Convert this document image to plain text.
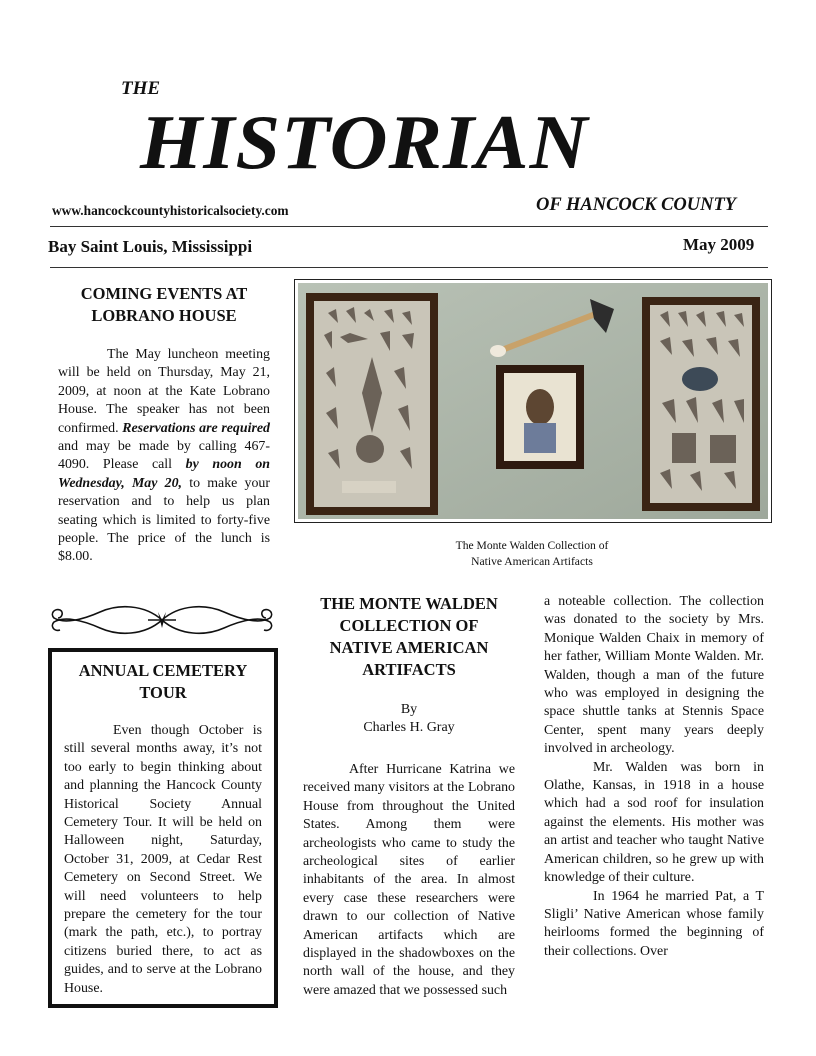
THE
HISTORIAN
www.hancockcountyhistoricalsociety.com	OF HANCOCK COUNTY
Bay Saint Louis, Mississippi	May 2009

COMING EVENTS AT
LOBRANO HOUSE

The May luncheon meeting will be held on Thursday, May 21, 2009, at noon at the Kate Lobrano House. The speaker has not been confirmed. Reservations are required and may be made by calling 467-4090. Please call by noon on Wednesday, May 20, to make your reservation and to help us plan seating which is limited to forty-five people. The price of the lunch is $8.00.

The Monte Walden Collection of
Native American Artifacts

ANNUAL CEMETERY
TOUR

Even though October is still several months away, it’s not too early to begin thinking about and planning the Hancock County Historical Society Annual Cemetery Tour. It will be held on Halloween night, Saturday, October 31, 2009, at Cedar Rest Cemetery on Second Street. We will need volunteers to help prepare the cemetery for the tour (mark the path, etc.), to portray citizens buried there, to act as guides, and to serve at the Lobrano House.

THE MONTE WALDEN
COLLECTION OF
NATIVE AMERICAN
ARTIFACTS

By

Charles H. Gray

After Hurricane Katrina we received many visitors at the Lobrano House from throughout the United States. Among them were archeologists who came to study the archeological sites of earlier inhabitants of the area. In almost every case these researchers were drawn to our collection of Native American artifacts which are displayed in the shadowboxes on the north wall of the house, and they were amazed that we possessed such

a noteable collection. The collection was donated to the society by Mrs. Monique Walden Chaix in memory of her father, William Monte Walden. Mr. Walden, though a man of the future who was employed in designing the space shuttle tanks at Stennis Space Center, spent many years deeply involved in archeology.

Mr. Walden was born in Olathe, Kansas, in 1918 in a house which had a sod roof for insulation against the elements. His mother was an artist and teacher who taught Native American children, so he grew up with knowledge of their culture.

In 1964 he married Pat, a T Sligli’ Native American whose family heirlooms formed the beginning of their collections. Over
